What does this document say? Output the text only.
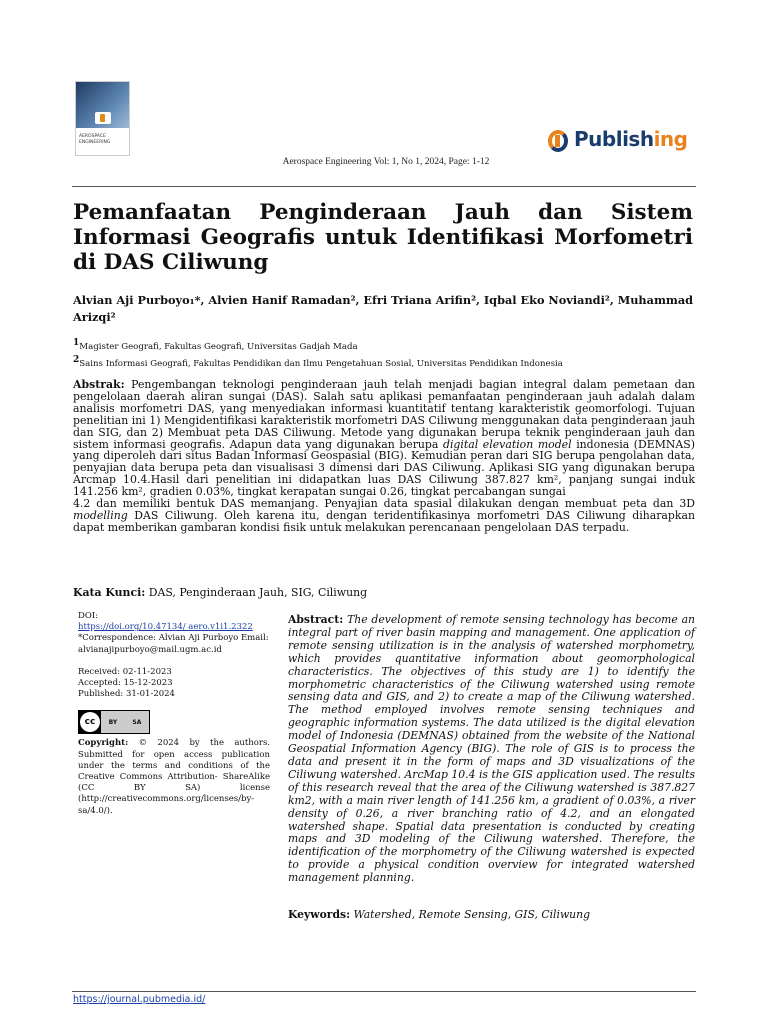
AEROSPACE
ENGINEERING	Publishing
Aerospace Engineering Vol: 1, No 1, 2024, Page: 1-12
Pemanfaatan Penginderaan Jauh dan Sistem Informasi Geografis untuk Identifikasi Morfometri di DAS Ciliwung
Alvian Aji Purboyo₁*, Alvien Hanif Ramadan², Efri Triana Arifin², Iqbal Eko Noviandi², Muhammad Arizqi²
$^1$Magister Geografi, Fakultas Geografi, Universitas Gadjah Mada
$^2$Sains Informasi Geografi, Fakultas Pendidikan dan Ilmu Pengetahuan Sosial, Universitas Pendidikan Indonesia
Abstrak: Pengembangan teknologi penginderaan jauh telah menjadi bagian integral dalam pemetaan dan pengelolaan daerah aliran sungai (DAS). Salah satu aplikasi pemanfaatan penginderaan jauh adalah dalam analisis morfometri DAS, yang menyediakan informasi kuantitatif tentang karakteristik geomorfologi. Tujuan penelitian ini 1) Mengidentifikasi karakteristik morfometri DAS Ciliwung menggunakan data penginderaan jauh dan SIG, dan 2) Membuat peta DAS Ciliwung. Metode yang digunakan berupa teknik penginderaan jauh dan sistem informasi geografis. Adapun data yang digunakan berupa digital elevation model indonesia (DEMNAS) yang diperoleh dari situs Badan Informasi Geospasial (BIG). Kemudian peran dari SIG berupa pengolahan data, penyajian data berupa peta dan visualisasi 3 dimensi dari DAS Ciliwung. Aplikasi SIG yang digunakan berupa Arcmap 10.4.Hasil dari penelitian ini didapatkan luas DAS Ciliwung 387.827 km², panjang sungai induk 141.256 km², gradien 0.03%, tingkat kerapatan sungai 0.26, tingkat percabangan sungai
4.2 dan memiliki bentuk DAS memanjang. Penyajian data spasial dilakukan dengan membuat peta dan 3D modelling DAS Ciliwung. Oleh karena itu, dengan teridentifikasinya morfometri DAS Ciliwung diharapkan dapat memberikan gambaran kondisi fisik untuk melakukan perencanaan pengelolaan DAS terpadu.
Kata Kunci: DAS, Penginderaan Jauh, SIG, Ciliwung
DOI:
https://doi.org/10.47134/ aero.v1i1.2322
*Correspondence: Alvian Aji Purboyo Email: alvianajipurboyo@mail.ugm.ac.id
Received: 02-11-2023
Accepted: 15-12-2023
Published: 31-01-2024
cc	BY	SA
Copyright: © 2024 by the authors. Submitted for open access publication under the terms and conditions of the Creative Commons Attribution- ShareAlike (CC BY SA) license (http://creativecommons.org/licenses/by-sa/4.0/).
Abstract: The development of remote sensing technology has become an integral part of river basin mapping and management. One application of remote sensing utilization is in the analysis of watershed morphometry, which provides quantitative information about geomorphological characteristics. The objectives of this study are 1) to identify the morphometric characteristics of the Ciliwung watershed using remote sensing data and GIS, and 2) to create a map of the Ciliwung watershed. The method employed involves remote sensing techniques and geographic information systems. The data utilized is the digital elevation model of Indonesia (DEMNAS) obtained from the website of the National Geospatial Information Agency (BIG). The role of GIS is to process the data and present it in the form of maps and 3D visualizations of the Ciliwung watershed. ArcMap 10.4 is the GIS application used. The results of this research reveal that the area of the Ciliwung watershed is 387.827 km2, with a main river length of 141.256 km, a gradient of 0.03%, a river density of 0.26, a river branching ratio of 4.2, and an elongated watershed shape. Spatial data presentation is conducted by creating maps and 3D modeling of the Ciliwung watershed. Therefore, the identification of the morphometry of the Ciliwung watershed is expected to provide a physical condition overview for integrated watershed management planning.
Keywords: Watershed, Remote Sensing, GIS, Ciliwung
https://journal.pubmedia.id/
